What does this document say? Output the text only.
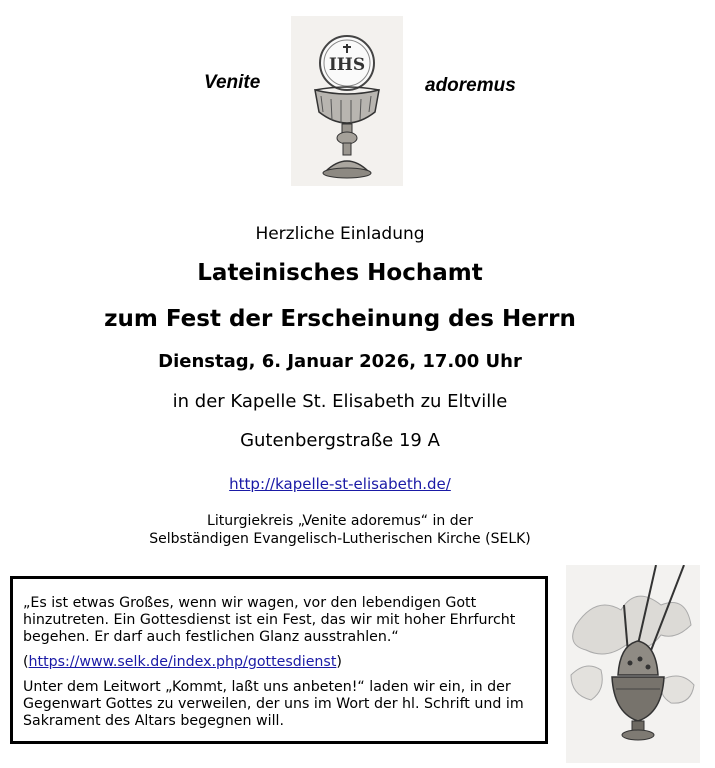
Venite
IHS
adoremus
Herzliche Einladung
Lateinisches Hochamt
zum Fest der Erscheinung des Herrn
Dienstag, 6. Januar 2026, 17.00 Uhr
in der Kapelle St. Elisabeth zu Eltville
Gutenbergstraße 19 A
http://kapelle-st-elisabeth.de/
Liturgiekreis „Venite adoremus“ in der
Selbständigen Evangelisch-Lutherischen Kirche (SELK)

„Es ist etwas Großes, wenn wir wagen, vor den lebendigen Gott hinzutreten. Ein Gottesdienst ist ein Fest, das wir mit hoher Ehrfurcht begehen. Er darf auch festlichen Glanz ausstrahlen.“

(https://www.selk.de/index.php/gottesdienst)

Unter dem Leitwort „Kommt, laßt uns anbeten!“ laden wir ein, in der Gegenwart Gottes zu verweilen, der uns im Wort der hl. Schrift und im Sakrament des Altars begegnen will.
